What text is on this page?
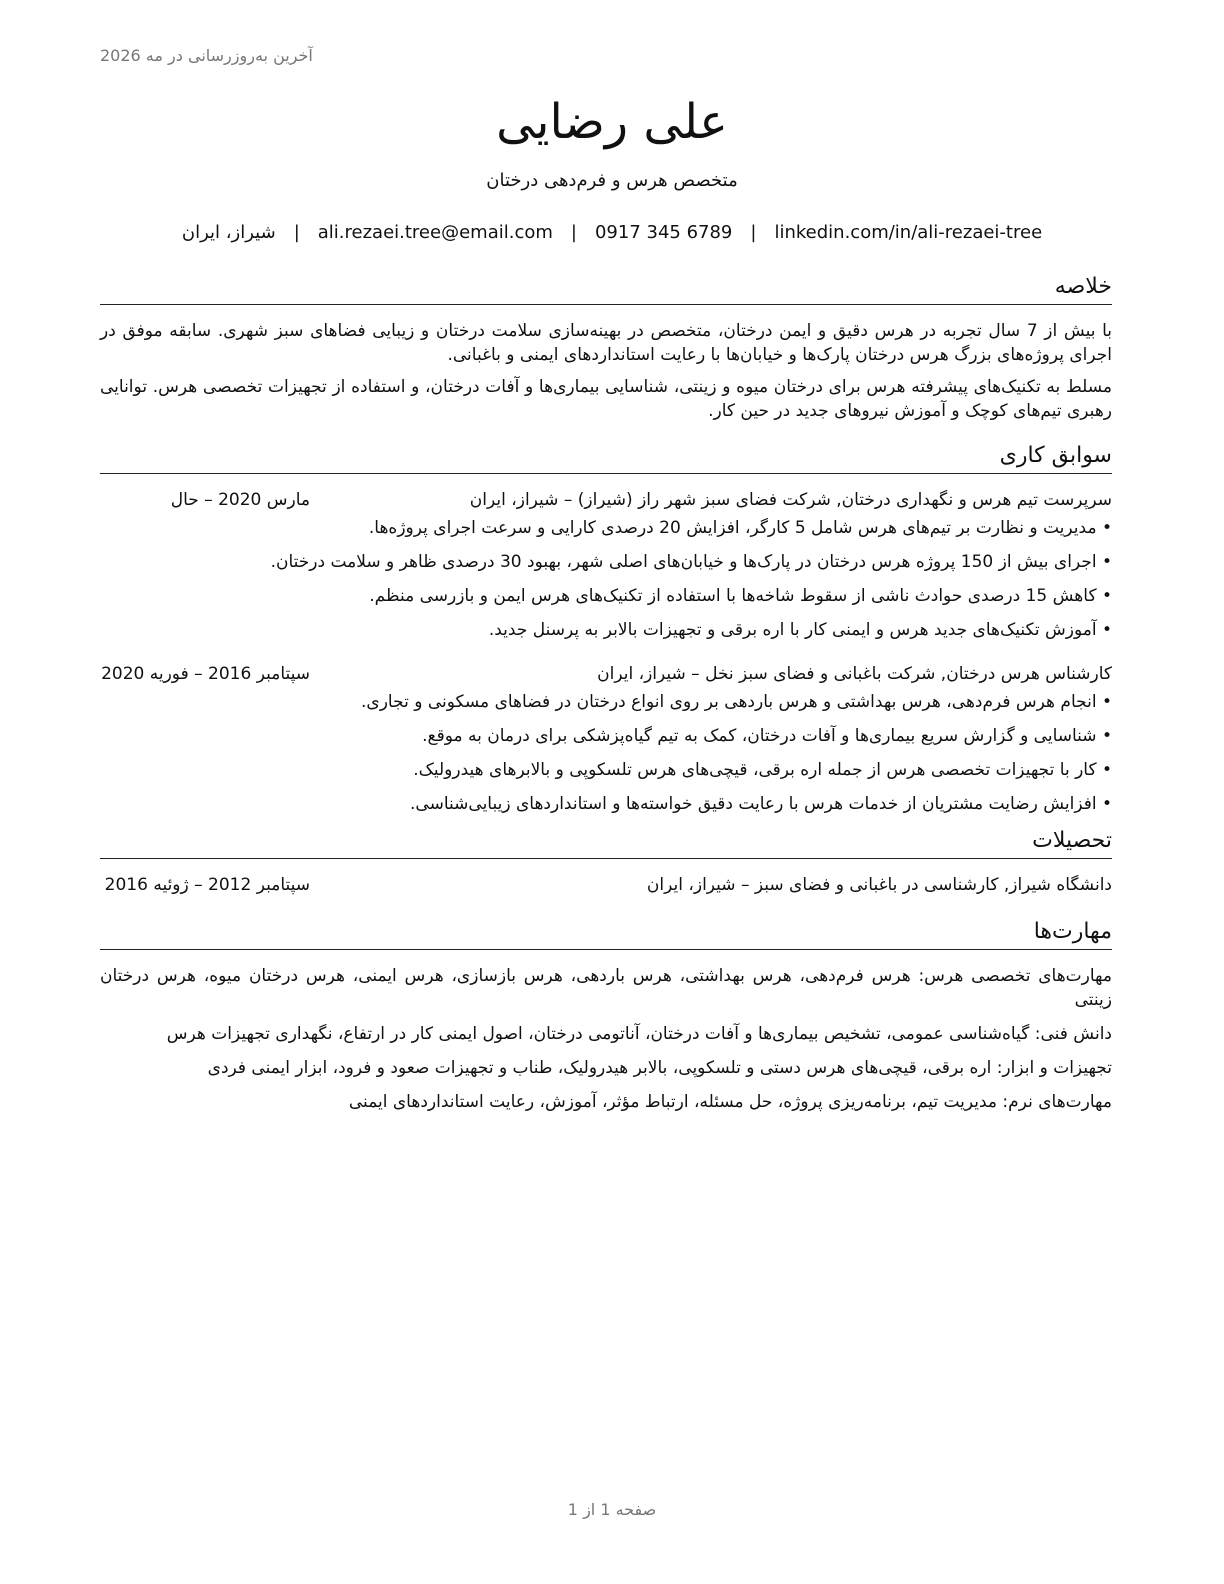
آخرین به‌روزرسانی در مه 2026
علی رضایی
متخصص هرس و فرم‌دهی درختان
شیراز، ایران | ali.rezaei.tree@email.com | 0917 345 6789 | linkedin.com/in/ali-rezaei-tree
خلاصه

با بیش از 7 سال تجربه در هرس دقیق و ایمن درختان، متخصص در بهینه‌سازی سلامت درختان و زیبایی فضاهای سبز شهری. سابقه موفق در اجرای پروژه‌های بزرگ هرس درختان پارک‌ها و خیابان‌ها با رعایت استانداردهای ایمنی و باغبانی.

مسلط به تکنیک‌های پیشرفته هرس برای درختان میوه و زینتی، شناسایی بیماری‌ها و آفات درختان، و استفاده از تجهیزات تخصصی هرس. توانایی رهبری تیم‌های کوچک و آموزش نیروهای جدید در حین کار.

سوابق کاری
سرپرست تیم هرس و نگهداری درختان, شرکت فضای سبز شهر راز (شیراز) – شیراز، ایران
مارس 2020 – حال
• مدیریت و نظارت بر تیم‌های هرس شامل 5 کارگر، افزایش 20 درصدی کارایی و سرعت اجرای پروژه‌ها.
• اجرای بیش از 150 پروژه هرس درختان در پارک‌ها و خیابان‌های اصلی شهر، بهبود 30 درصدی ظاهر و سلامت درختان.
• کاهش 15 درصدی حوادث ناشی از سقوط شاخه‌ها با استفاده از تکنیک‌های هرس ایمن و بازرسی منظم.
• آموزش تکنیک‌های جدید هرس و ایمنی کار با اره برقی و تجهیزات بالابر به پرسنل جدید.
کارشناس هرس درختان, شرکت باغبانی و فضای سبز نخل – شیراز، ایران
سپتامبر 2016 – فوریه 2020
• انجام هرس فرم‌دهی، هرس بهداشتی و هرس باردهی بر روی انواع درختان در فضاهای مسکونی و تجاری.
• شناسایی و گزارش سریع بیماری‌ها و آفات درختان، کمک به تیم گیاه‌پزشکی برای درمان به موقع.
• کار با تجهیزات تخصصی هرس از جمله اره برقی، قیچی‌های هرس تلسکوپی و بالابرهای هیدرولیک.
• افزایش رضایت مشتریان از خدمات هرس با رعایت دقیق خواسته‌ها و استانداردهای زیبایی‌شناسی.
تحصیلات
دانشگاه شیراز, کارشناسی در باغبانی و فضای سبز – شیراز، ایران
سپتامبر 2012 – ژوئیه 2016
مهارت‌ها

مهارت‌های تخصصی هرس: هرس فرم‌دهی، هرس بهداشتی، هرس باردهی، هرس بازسازی، هرس ایمنی، هرس درختان میوه، هرس درختان زینتی

دانش فنی: گیاه‌شناسی عمومی، تشخیص بیماری‌ها و آفات درختان، آناتومی درختان، اصول ایمنی کار در ارتفاع، نگهداری تجهیزات هرس

تجهیزات و ابزار: اره برقی، قیچی‌های هرس دستی و تلسکوپی، بالابر هیدرولیک، طناب و تجهیزات صعود و فرود، ابزار ایمنی فردی

مهارت‌های نرم: مدیریت تیم، برنامه‌ریزی پروژه، حل مسئله، ارتباط مؤثر، آموزش، رعایت استانداردهای ایمنی

صفحه 1 از 1
